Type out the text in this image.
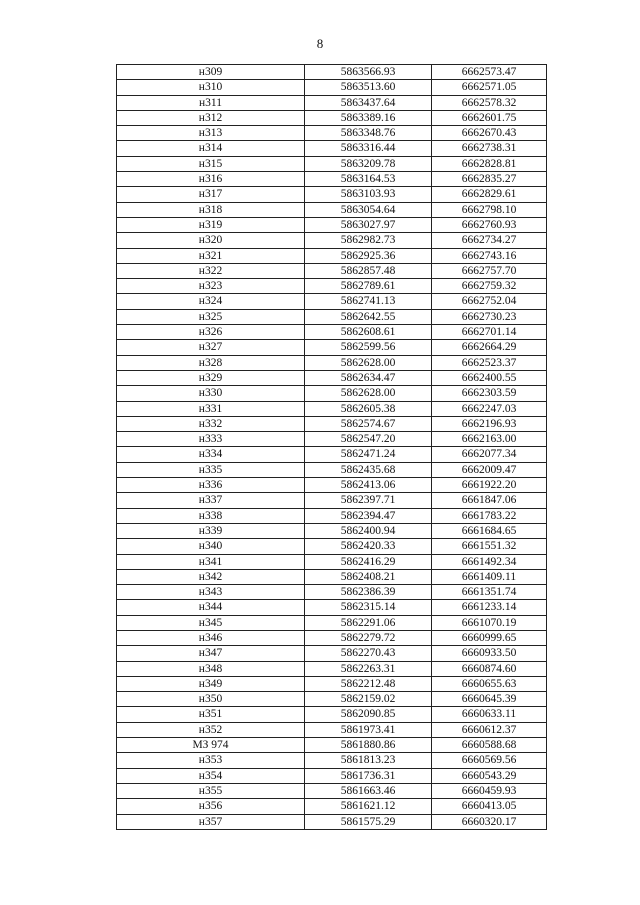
8
н309	5863566.93	6662573.47
н310	5863513.60	6662571.05
н311	5863437.64	6662578.32
н312	5863389.16	6662601.75
н313	5863348.76	6662670.43
н314	5863316.44	6662738.31
н315	5863209.78	6662828.81
н316	5863164.53	6662835.27
н317	5863103.93	6662829.61
н318	5863054.64	6662798.10
н319	5863027.97	6662760.93
н320	5862982.73	6662734.27
н321	5862925.36	6662743.16
н322	5862857.48	6662757.70
н323	5862789.61	6662759.32
н324	5862741.13	6662752.04
н325	5862642.55	6662730.23
н326	5862608.61	6662701.14
н327	5862599.56	6662664.29
н328	5862628.00	6662523.37
н329	5862634.47	6662400.55
н330	5862628.00	6662303.59
н331	5862605.38	6662247.03
н332	5862574.67	6662196.93
н333	5862547.20	6662163.00
н334	5862471.24	6662077.34
н335	5862435.68	6662009.47
н336	5862413.06	6661922.20
н337	5862397.71	6661847.06
н338	5862394.47	6661783.22
н339	5862400.94	6661684.65
н340	5862420.33	6661551.32
н341	5862416.29	6661492.34
н342	5862408.21	6661409.11
н343	5862386.39	6661351.74
н344	5862315.14	6661233.14
н345	5862291.06	6661070.19
н346	5862279.72	6660999.65
н347	5862270.43	6660933.50
н348	5862263.31	6660874.60
н349	5862212.48	6660655.63
н350	5862159.02	6660645.39
н351	5862090.85	6660633.11
н352	5861973.41	6660612.37
МЗ 974	5861880.86	6660588.68
н353	5861813.23	6660569.56
н354	5861736.31	6660543.29
н355	5861663.46	6660459.93
н356	5861621.12	6660413.05
н357	5861575.29	6660320.17
